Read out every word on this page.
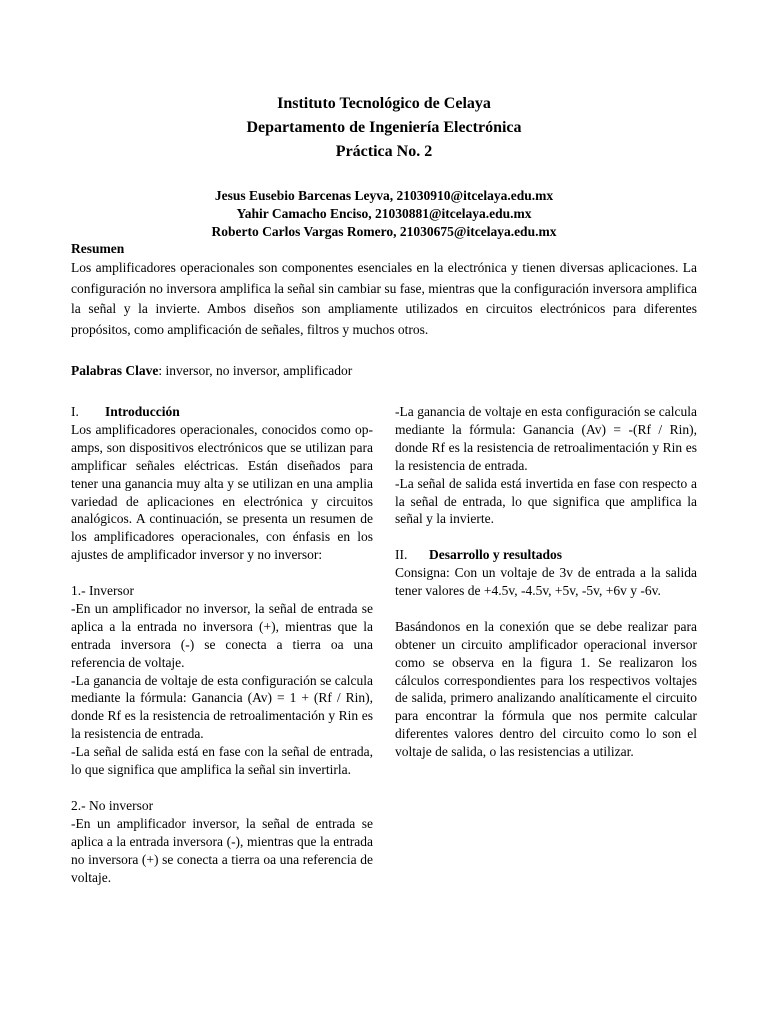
Instituto Tecnológico de Celaya
Departamento de Ingeniería Electrónica
Práctica No. 2
Jesus Eusebio Barcenas Leyva, 21030910@itcelaya.edu.mx
Yahir Camacho Enciso, 21030881@itcelaya.edu.mx
Roberto Carlos Vargas Romero, 21030675@itcelaya.edu.mx
Resumen
Los amplificadores operacionales son componentes esenciales en la electrónica y tienen diversas aplicaciones. La configuración no inversora amplifica la señal sin cambiar su fase, mientras que la configuración inversora amplifica la señal y la invierte. Ambos diseños son ampliamente utilizados en circuitos electrónicos para diferentes propósitos, como amplificación de señales, filtros y muchos otros.
Palabras Clave: inversor, no inversor, amplificador

I. Introducción

Los amplificadores operacionales, conocidos como op-amps, son dispositivos electrónicos que se utilizan para amplificar señales eléctricas. Están diseñados para tener una ganancia muy alta y se utilizan en una amplia variedad de aplicaciones en electrónica y circuitos analógicos. A continuación, se presenta un resumen de los amplificadores operacionales, con énfasis en los ajustes de amplificador inversor y no inversor:

1.- Inversor

-En un amplificador no inversor, la señal de entrada se aplica a la entrada no inversora (+), mientras que la entrada inversora (-) se conecta a tierra oa una referencia de voltaje.

-La ganancia de voltaje de esta configuración se calcula mediante la fórmula: Ganancia (Av) = 1 + (Rf / Rin), donde Rf es la resistencia de retroalimentación y Rin es la resistencia de entrada.

-La señal de salida está en fase con la señal de entrada, lo que significa que amplifica la señal sin invertirla.

2.- No inversor

-En un amplificador inversor, la señal de entrada se aplica a la entrada inversora (-), mientras que la entrada no inversora (+) se conecta a tierra oa una referencia de voltaje.

-La ganancia de voltaje en esta configuración se calcula mediante la fórmula: Ganancia (Av) = -(Rf / Rin), donde Rf es la resistencia de retroalimentación y Rin es la resistencia de entrada.

-La señal de salida está invertida en fase con respecto a la señal de entrada, lo que significa que amplifica la señal y la invierte.

II. Desarrollo y resultados

Consigna: Con un voltaje de 3v de entrada a la salida tener valores de +4.5v, -4.5v, +5v, -5v, +6v y -6v.

Basándonos en la conexión que se debe realizar para obtener un circuito amplificador operacional inversor como se observa en la figura 1. Se realizaron los cálculos correspondientes para los respectivos voltajes de salida, primero analizando analíticamente el circuito para encontrar la fórmula que nos permite calcular diferentes valores dentro del circuito como lo son el voltaje de salida, o las resistencias a utilizar.
